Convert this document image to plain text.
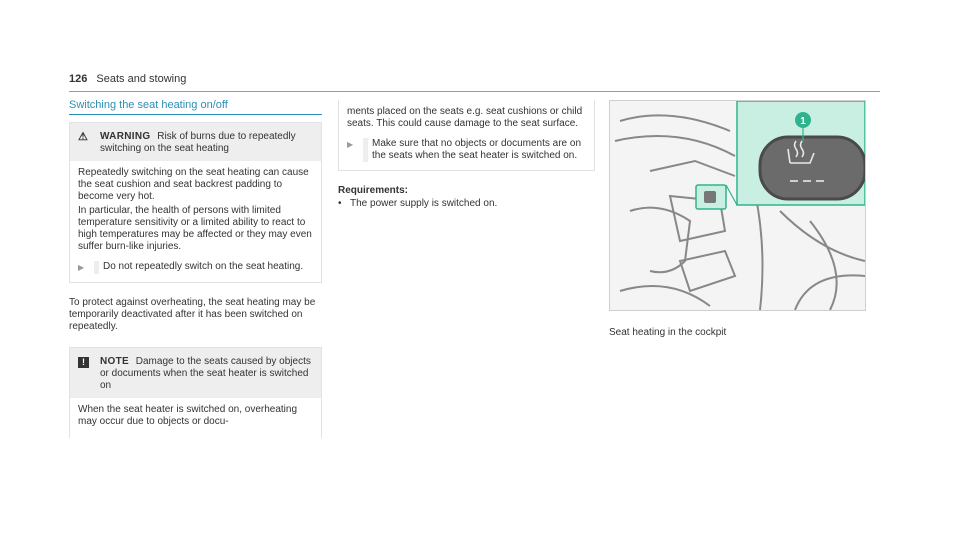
126 Seats and stowing
Switching the seat heating on/off
⚠	WARNING Risk of burns due to repeatedly switching on the seat heating

Repeatedly switching on the seat heating can cause the seat cushion and seat backrest padding to become very hot.

In particular, the health of persons with limited temperature sensitivity or a limited ability to react to high temperatures may be affected or they may even suffer burn-like injuries.

▶	Do not repeatedly switch on the seat heating.

To protect against overheating, the seat heating may be temporarily deactivated after it has been switched on repeatedly.

!	NOTE Damage to the seats caused by objects or documents when the seat heater is switched on

When the seat heater is switched on, overheating may occur due to objects or docu-

ments placed on the seats e.g. seat cushions or child seats. This could cause damage to the seat surface.

▶	Make sure that no objects or documents are on the seats when the seat heater is switched on.
Requirements:
• The power supply is switched on.
1
Seat heating in the cockpit
